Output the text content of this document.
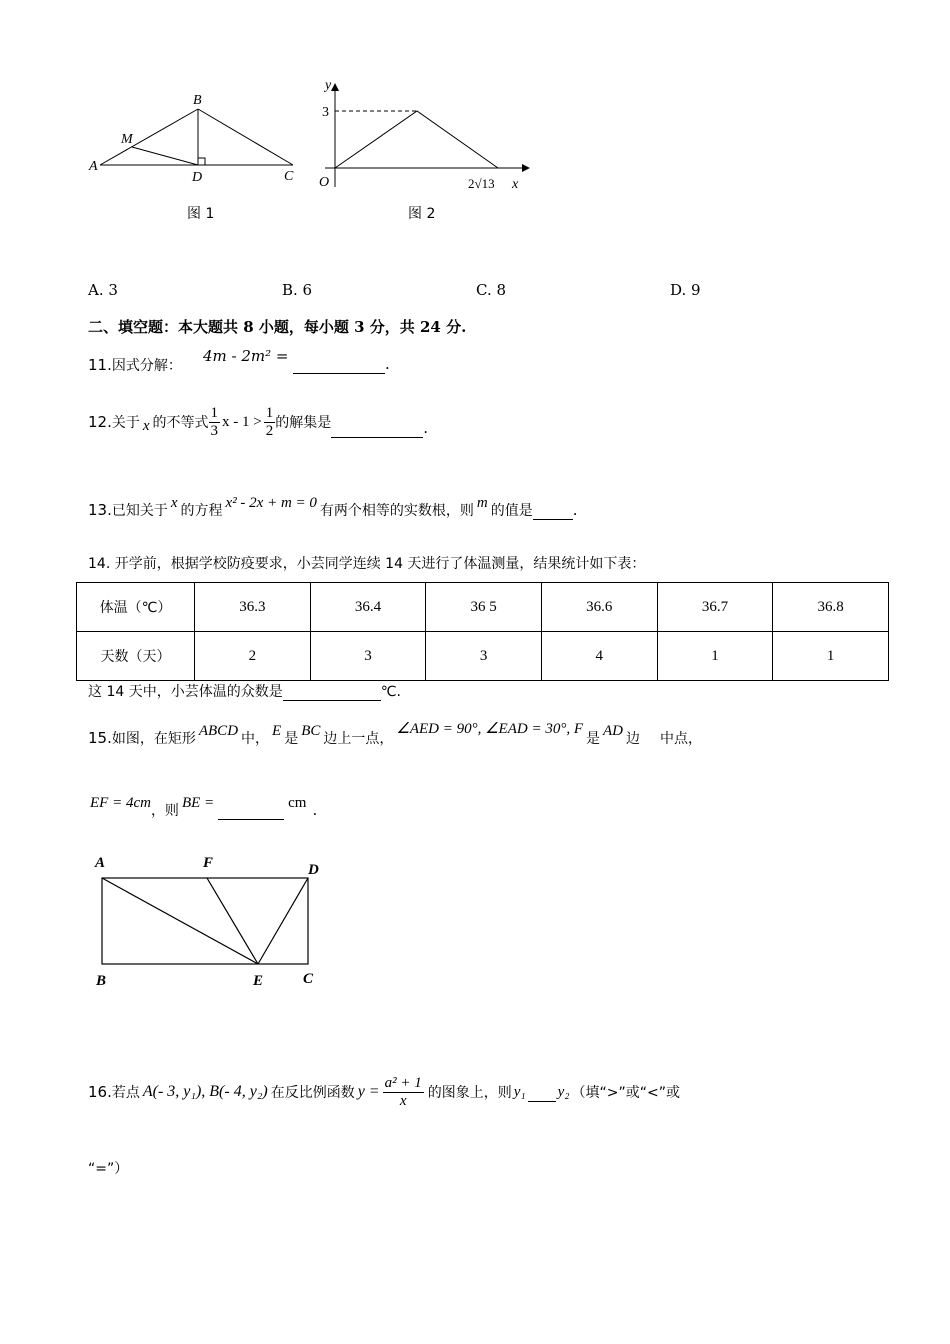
A
B
C
D
M
图 1
y
x
O
3
2√13
图 2
A. 3	B. 6	C. 8	D. 9
二、填空题：本大题共 8 小题，每小题 3 分，共 24 分.
11.因式分解：
4m - 2m² =	.
12. 关于 x 的不等式 $\frac{1}{3}$ $x - 1 > \frac{1}{2}$ 的解集是
	.
13.已知关于 x 的方程 x² - 2x + m = 0 有两个相等的实数根，则 m 的值是	.
14. 开学前，根据学校防疫要求，小芸同学连续 14 天进行了体温测量，结果统计如下表：
体温（℃）	36.3	36.4	36 5	36.6	36.7	36.8
天数（天）	2	3	3	4	1	1
这 14 天中，小芸体温的众数是	℃.
15.如图，在矩形 ABCD 中， E 是 BC 边上一点，∠AED = 90°, ∠EAD = 30°, F是 AD 边 中点，
EF = 4cm，则 BE =	cm .
A	F	D
B	E	C
16. 若点 A(- 3, y₁), B(- 4, y₂) 在反比例函数 $y = \frac{\text{a² + 1}}{x}$ 的图象上，则 y₁
y₂ （填“>”或“<”或
“=”）
